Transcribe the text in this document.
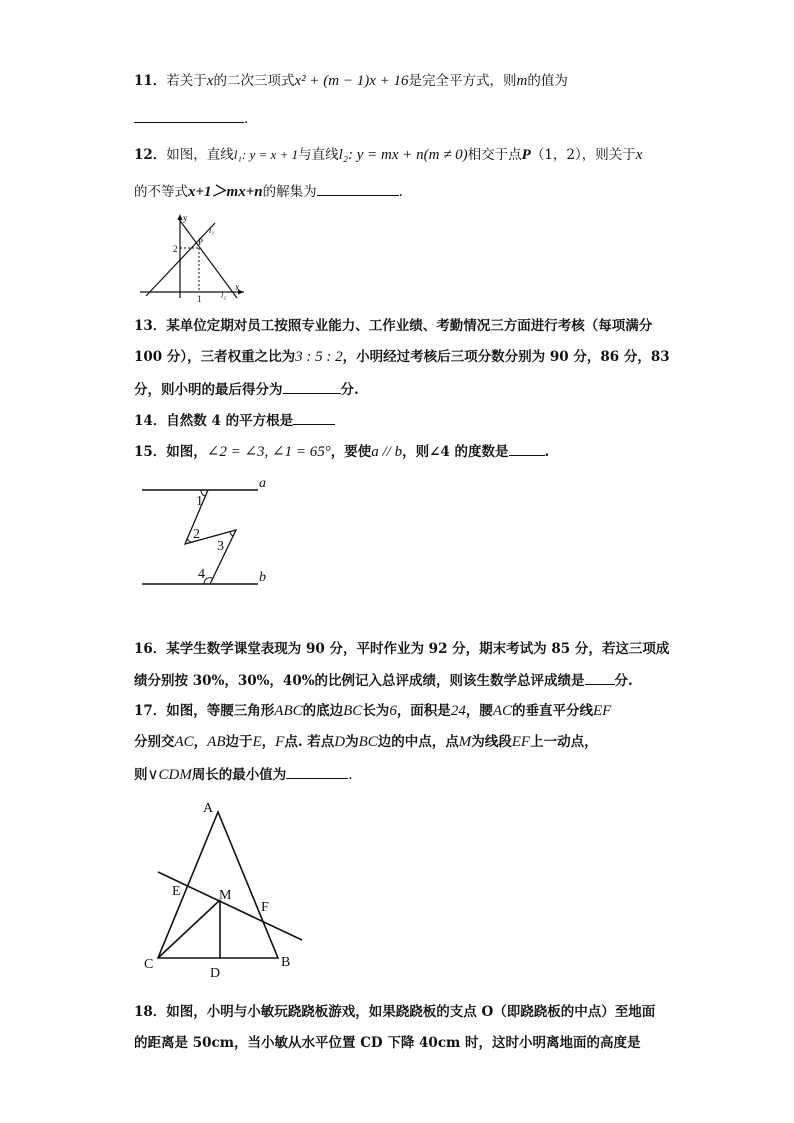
11．若关于x的二次三项式x² + (m − 1)x + 16是完全平方式，则m的值为
.
12．如图，直线l₁: y = x + 1与直线l₂: y = mx + n(m ≠ 0)相交于点P（1，2），则关于x
的不等式x+1＞mx+n的解集为	.
y
x
2
1
P
l₁
l₂
13．某单位定期对员工按照专业能力、工作业绩、考勤情况三方面进行考核（每项满分
100 分），三者权重之比为3 : 5 : 2，小明经过考核后三项分数分别为 90 分，86 分，83
分，则小明的最后得分为	分.
14．自然数 4 的平方根是
15．如图，∠2 = ∠3, ∠1 = 65°，要使a // b，则∠4 的度数是	.
a
b
1
2
3
4
16．某学生数学课堂表现为 90 分，平时作业为 92 分，期末考试为 85 分，若这三项成
绩分别按 30%，30%，40%的比例记入总评成绩，则该生数学总评成绩是 分.
17．如图，等腰三角形ABC的底边BC长为6，面积是24，腰AC的垂直平分线EF
分别交AC，AB边于E，F点. 若点D为BC边的中点，点M为线段EF上一动点，
则∨CDM周长的最小值为	.
A
B
C
D
E
F
M
18．如图，小明与小敏玩跷跷板游戏，如果跷跷板的支点 O（即跷跷板的中点）至地面
的距离是 50cm，当小敏从水平位置 CD 下降 40cm 时，这时小明离地面的高度是
